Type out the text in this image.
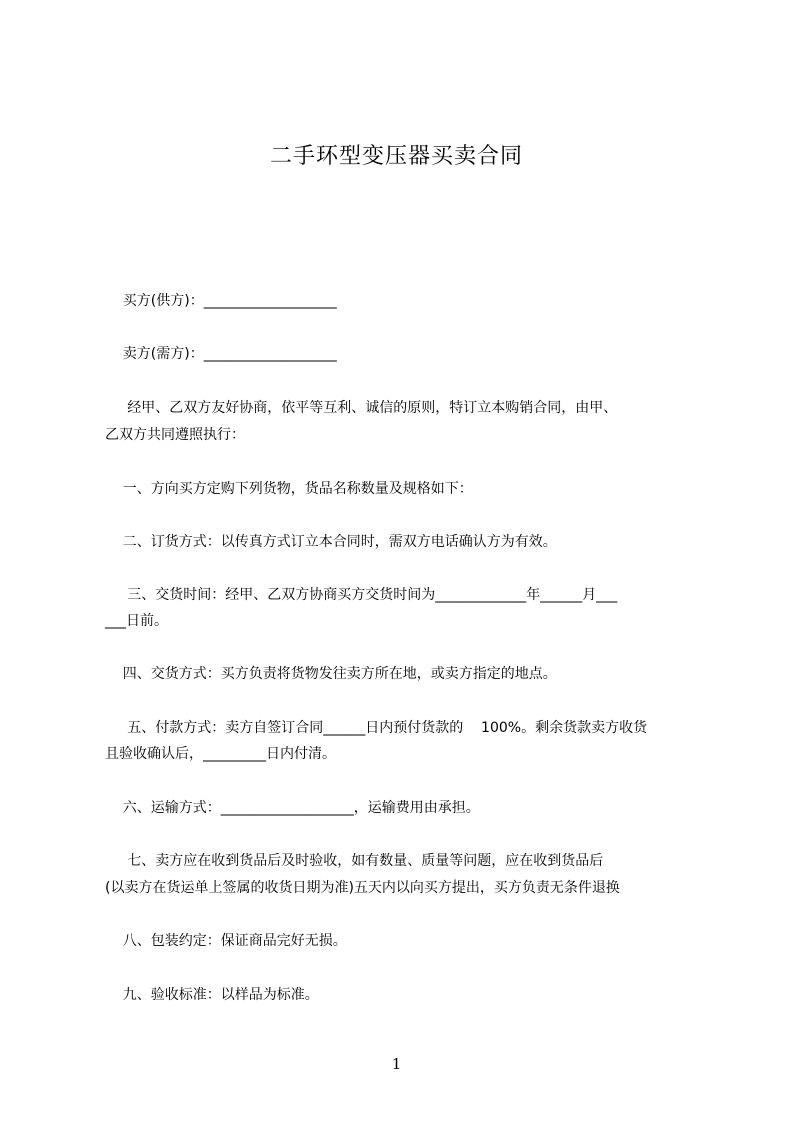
二手环型变压器买卖合同
买方(供方)：___________________
卖方(需方)：___________________
经甲、乙双方友好协商，依平等互利、诚信的原则，特订立本购销合同，由甲、
乙双方共同遵照执行：
一、方向买方定购下列货物，货品名称数量及规格如下：
二、订货方式：以传真方式订立本合同时，需双方电话确认方为有效。
三、交货时间：经甲、乙双方协商买方交货时间为_____________年______月___
___日前。
四、交货方式：买方负责将货物发往卖方所在地，或卖方指定的地点。
五、付款方式：卖方自签订合同______日内预付货款的    100%。剩余货款卖方收货
且验收确认后，_________日内付清。
六、运输方式：___________________，运输费用由承担。
七、卖方应在收到货品后及时验收，如有数量、质量等问题，应在收到货品后
(以卖方在货运单上签属的收货日期为准)五天内以向买方提出，买方负责无条件退换
八、包装约定：保证商品完好无损。
九、验收标准：以样品为标准。
1
